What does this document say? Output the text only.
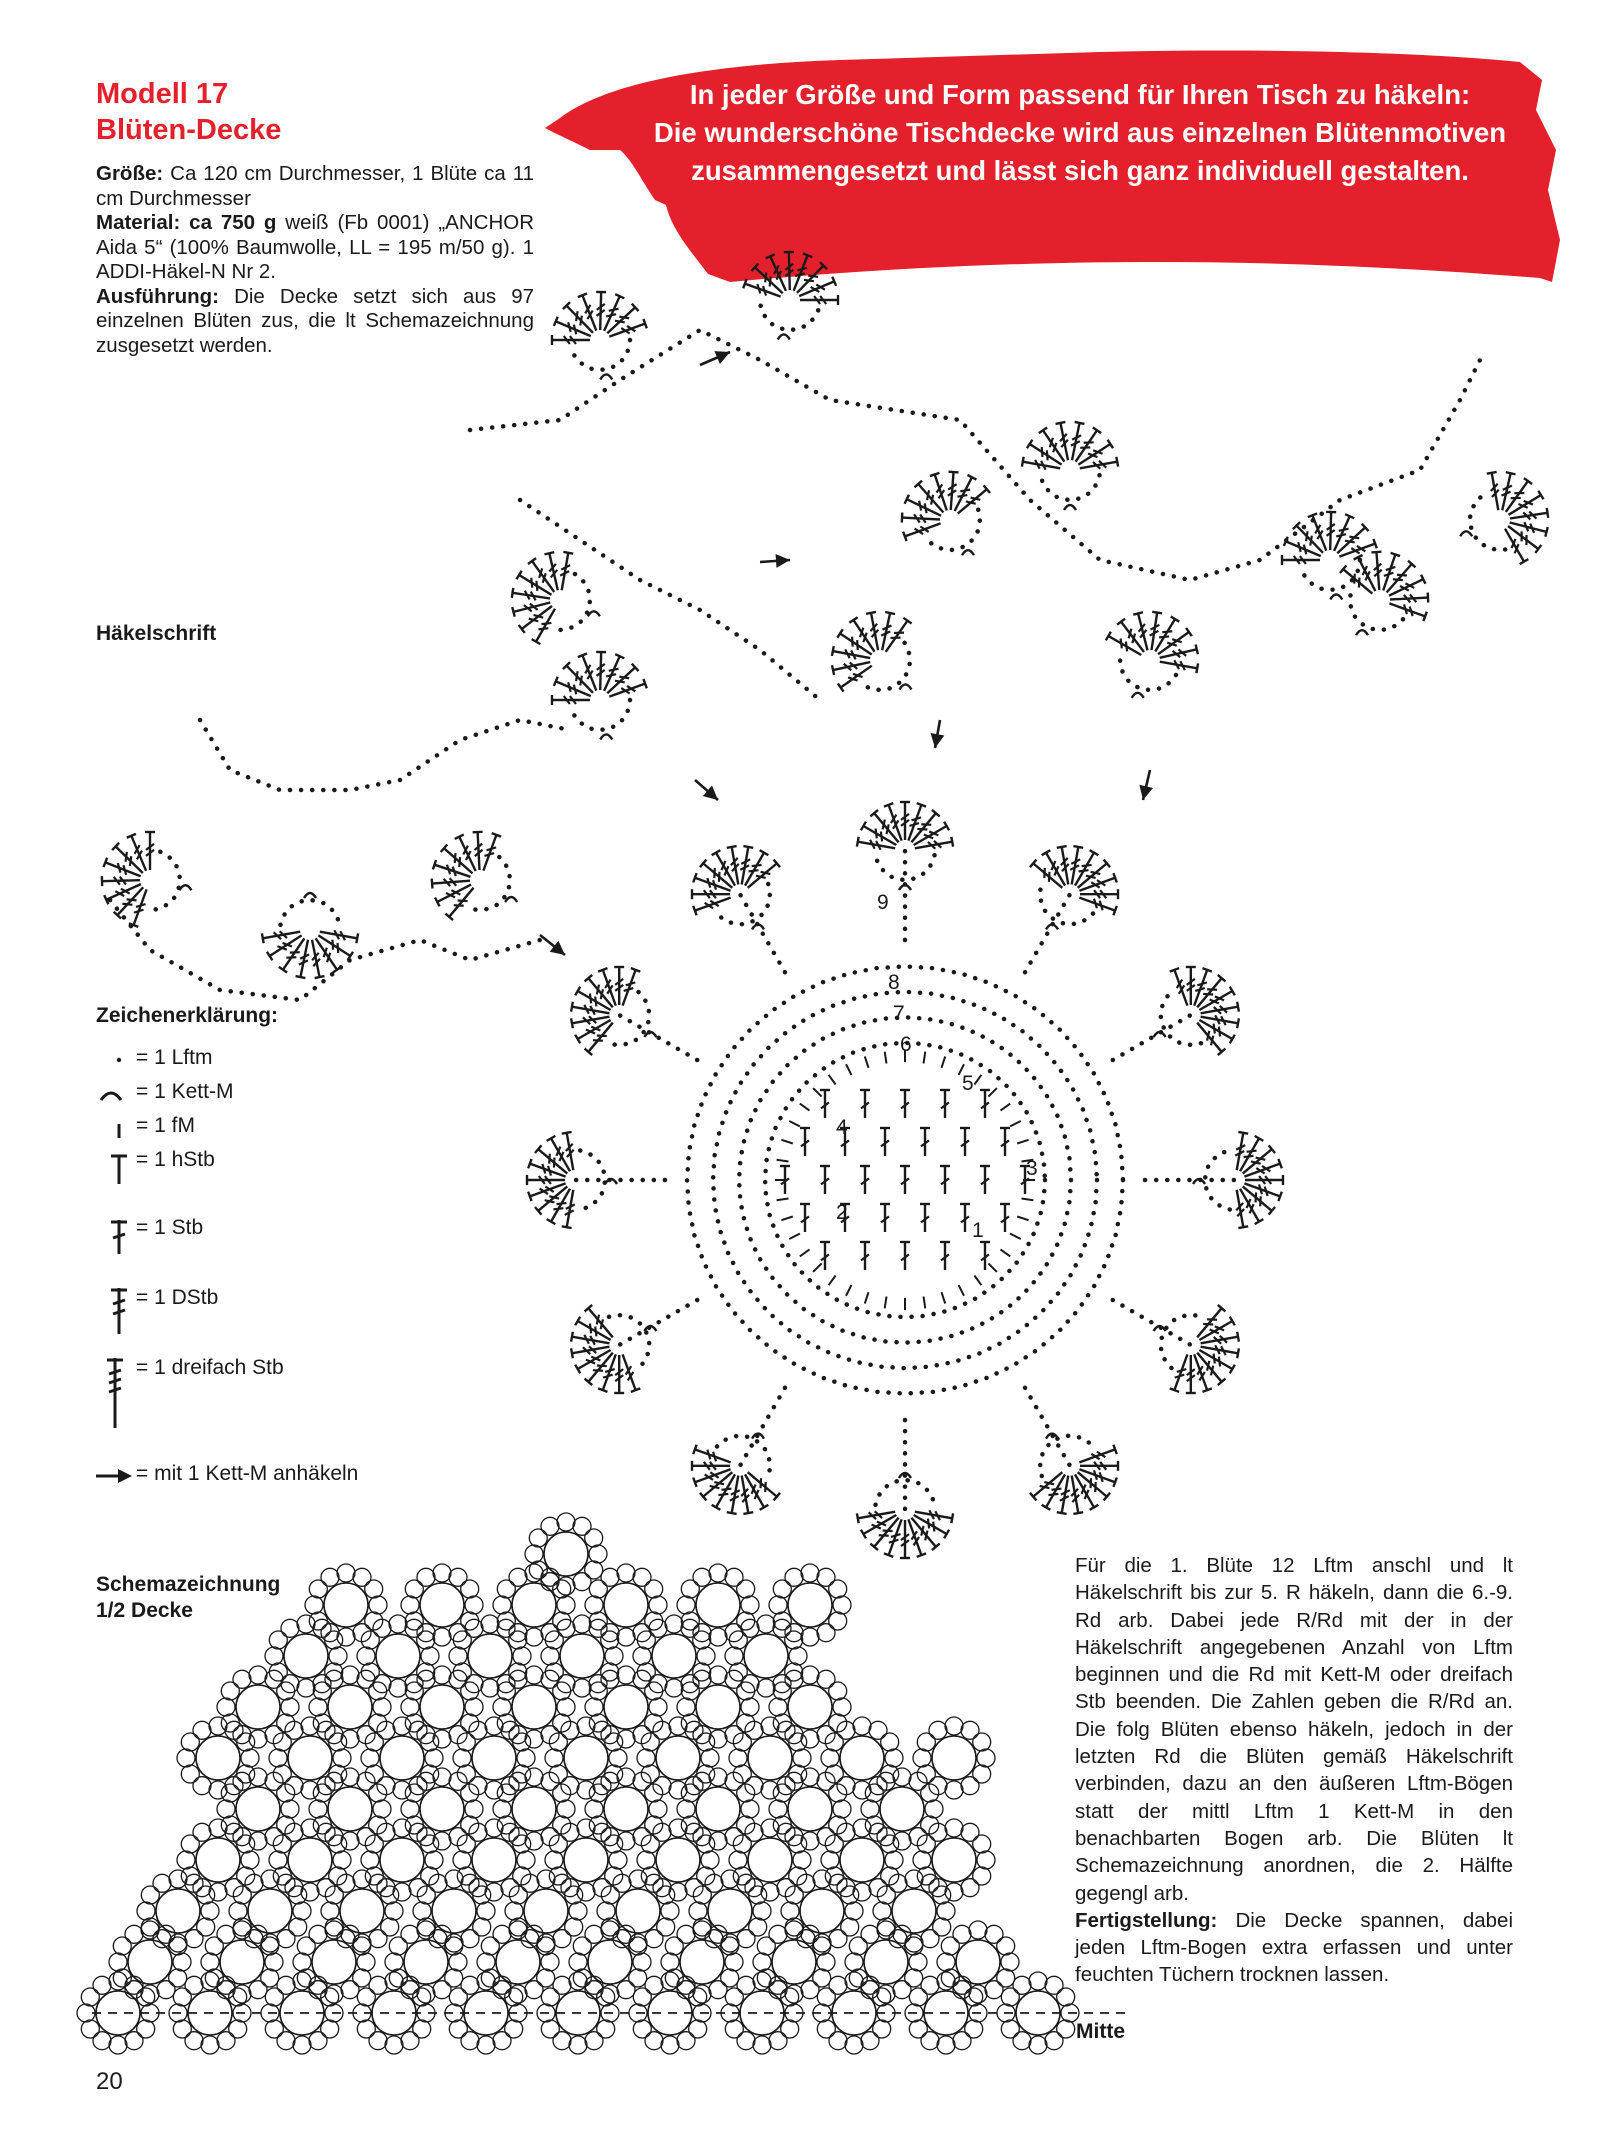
In jeder Größe und Form passend für Ihren Tisch zu häkeln:
Die wunderschöne Tischdecke wird aus einzelnen Blütenmotiven
zusammengesetzt und lässt sich ganz individuell gestalten.
Modell 17
Blüten-Decke

Größe: Ca 120 cm Durchmesser, 1 Blüte ca 11 cm Durchmesser

Material: ca 750 g weiß (Fb 0001) „ANCHOR Aida 5“ (100% Baumwolle, LL = 195 m/50 g). 1 ADDI-Häkel-N Nr 2.

Ausführung: Die Decke setzt sich aus 97 einzelnen Blüten zus, die lt Schemazeichnung zusgesetzt werden.

Häkelschrift
Zeichenerklärung:
Schemazeichnung
1/2 Decke
= 1 Lftm
= 1 Kett-M
= 1 fM
= 1 hStb
= 1 Stb
= 1 DStb
= 1 dreifach Stb
= mit 1 Kett-M anhäkeln

Für die 1. Blüte 12 Lftm anschl und lt Häkelschrift bis zur 5. R häkeln, dann die 6.-9. Rd arb. Dabei jede R/Rd mit der in der Häkelschrift angegebenen Anzahl von Lftm beginnen und die Rd mit Kett-M oder dreifach Stb beenden. Die Zahlen geben die R/Rd an. Die folg Blüten ebenso häkeln, jedoch in der letzten Rd die Blüten gemäß Häkelschrift verbinden, dazu an den äußeren Lftm-Bögen statt der mittl Lftm 1 Kett-M in den benachbarten Bogen arb. Die Blüten lt Schemazeichnung anordnen, die 2. Hälfte gegengl arb.

Fertigstellung: Die Decke spannen, dabei jeden Lftm-Bogen extra erfassen und unter feuchten Tüchern trocknen lassen.

Mitte
20
1
2
3
4
5
6
7
8
9
